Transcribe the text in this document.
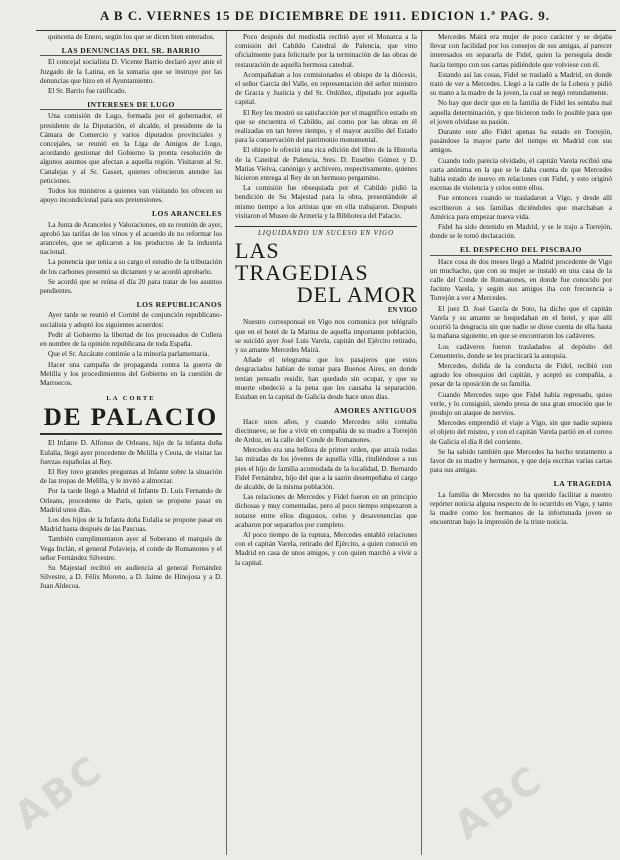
A B C. VIERNES 15 DE DICIEMBRE DE 1911. EDICION 1.ª PAG. 9.

quincena de Enero, según los que se dicen bien enterados.

LAS DENUNCIAS DEL SR. BARRIO

El concejal socialista D. Vicente Barrio declaró ayer ante el Juzgado de la Latina, en la sumaria que se instruye por las denuncias que hizo en el Ayuntamiento.

El Sr. Barrio fue ratificado.

INTERESES DE LUGO

Una comisión de Lugo, formada por el gobernador, el presidente de la Diputación, el alcalde, el presidente de la Cámara de Comercio y varios diputados provinciales y concejales, se reunió en la Liga de Amigos de Lugo, acordando gestionar del Gobierno la pronta resolución de algunos asuntos que afectan a aquella región. Visitaron al Sr. Canalejas y al Sr. Gasset, quienes ofrecieron atender las peticiones.

Todos los ministros a quienes van visitando les ofrecen su apoyo incondicional para sus pretensiones.

LOS ARANCELES

La Junta de Aranceles y Valoraciones, en su reunión de ayer, aprobó las tarifas de los vinos y el acuerdo de no reformar los aranceles, que se aplicaron a los productos de la industria nacional.

La ponencia que tenía a su cargo el estudio de la tributación de los carbones presentó su dictamen y se acordó aprobarlo.

Se acordó que se reúna el día 20 para tratar de los asuntos pendientes.

LOS REPUBLICANOS

Ayer tarde se reunió el Comité de conjunción republicano-socialista y adoptó los siguientes acuerdos:

Pedir al Gobierno la libertad de los procesados de Cullera en nombre de la opinión republicana de toda España.

Que el Sr. Azcárate continúe a la minoría parlamentaria.

Hacer una campaña de propaganda contra la guerra de Melilla y los procedimientos del Gobierno en la cuestión de Marruecos.

LA CORTE
DE PALACIO

El Infante D. Alfonso de Orleans, hijo de la infanta doña Eulalia, llegó ayer procedente de Melilla y Ceuta, de visitar las fuerzas españolas al Rey.

El Rey tuvo grandes preguntas al Infante sobre la situación de las tropas de Melilla, y le invitó a almorzar.

Por la tarde llegó a Madrid el Infante D. Luis Fernando de Orleans, procedente de París, quien se propone pasar en Madrid unos días.

Los dos hijos de la Infanta doña Eulalia se propone pasar en Madrid hasta después de las Pascuas.

También cumplimentaron ayer al Soberano el marqués de Vega Inclán, el general Polavieja, el conde de Romanones y el señor Fernández Silvestre.

Su Majestad recibió en audiencia al general Fernández Silvestre, a D. Félix Moreno, a D. Jaime de Hinojosa y a D. Juan Aldecoa.

Poco después del mediodía recibió ayer el Monarca a la comisión del Cabildo Catedral de Palencia, que vino oficialmente para felicitarle por la terminación de las obras de restauración de aquella hermosa catedral.

Acompañaban a los comisionados el obispo de la diócesis, el señor García del Valle, en representación del señor ministro de Gracia y Justicia y del Sr. Ordóñez, diputado por aquella capital.

El Rey les mostró su satisfacción por el magnífico estado en que se encuentra el Cabildo, así como por las obras en él realizadas en tan breve tiempo, y el mayor auxilio del Estado para la conservación del patrimonio monumental.

El obispo le ofreció una rica edición del libro de la Historia de la Catedral de Palencia, Sres. D. Eusebio Gómez y D. Matías Vielva, canónigo y archivero, respectivamente, quienes hicieron entrega al Rey de un hermoso pergamino.

La comisión fue obsequiada por el Cabildo pidió la bendición de Su Majestad para la obra, presentándole al mismo tiempo a los artistas que en ella trabajaron. Después visitaron el Museo de Armería y la Biblioteca del Palacio.

LIQUIDANDO UN SUCESO EN VIGO
LAS TRAGEDIAS
DEL AMOR
EN VIGO

Nuestro corresponsal en Vigo nos comunica por telégrafo que en el hotel de la Marina de aquella importante población, se suicidó ayer José Luis Varela, capitán del Ejército retirado, y su amante Mercedes Mairá.

Añade el telegrama que los pasajeros que estos desgraciados habían de tomar para Buenos Aires, en donde tenían pensado residir, han quedado sin ocupar, y que su muerte obedeció a la pena que les causaba la separación. Estaban en la capital de Galicia desde hace unos días.

AMORES ANTIGUOS

Hace unos años, y cuando Mercedes sólo contaba diecinueve, se fue a vivir en compañía de su madre a Torrejón de Ardoz, en la calle del Conde de Romanones.

Mercedes era una belleza de primer orden, que atraía todas las miradas de los jóvenes de aquella villa, rindiéndose a sus pies el hijo de familia acomodada de la localidad, D. Bernardo Fidel Fernández, hijo del que a la sazón desempeñaba el cargo de alcalde, de la misma población.

Las relaciones de Mercedes y Fidel fueron en un principio dichosas y muy comentadas, pero al poco tiempo empezaron a notarse entre ellos disgustos, celos y desavenencias que acabaron por separarlos por completo.

Al poco tiempo de la ruptura, Mercedes entabló relaciones con el capitán Varela, retirado del Ejército, a quien conoció en Madrid en casa de unos amigos, y con quien marchó a vivir a la capital.

Mercedes Mairá era mujer de poco carácter y se dejaba llevar con facilidad por los consejos de sus amigas, al parecer interesados en separarla de Fidel, quien la perseguía desde hacía tiempo con sus cartas pidiéndole que volviese con él.

Estando así las cosas, Fidel se trasladó a Madrid, en donde trató de ver a Mercedes. Llegó a la calle de la Lobera y pidió su mano a la madre de la joven, la cual se negó rotundamente.

No hay que decir que en la familia de Fidel les sentaba mal aquella determinación, y que hicieron todo lo posible para que el joven olvidase su pasión.

Durante este año Fidel apenas ha estado en Torrejón, pasándose la mayor parte del tiempo en Madrid con sus amigos.

Cuando todo parecía olvidado, el capitán Varela recibió una carta anónima en la que se le daba cuenta de que Mercedes había estado de nuevo en relaciones con Fidel, y esto originó escenas de violencia y celos entre ellos.

Fue entonces cuando se trasladaron a Vigo, y desde allí escribieron a sus familias diciéndoles que marchaban a América para empezar nueva vida.

Fidel ha sido detenido en Madrid, y se le trajo a Torrejón, donde se le tomó declaración.

EL DESPECHO DEL PISCBAJO

Hace cosa de dos meses llegó a Madrid procedente de Vigo un muchacho, que con su mujer se instaló en una casa de la calle del Conde de Romanones, en donde fue conocido por Jacinto Varela, y según sus amigos iba con frecuencia a Torrejón a ver a Mercedes.

El juez D. José García de Soto, ha dicho que el capitán Varela y su amante se hospedaban en el hotel, y que allí ocurrió la desgracia sin que nadie se diese cuenta de ella hasta la mañana siguiente, en que se encontraron los cadáveres.

Los cadáveres fueron trasladados al depósito del Cementerio, donde se les practicará la autopsia.

Mercedes, dolida de la conducta de Fidel, recibió con agrado los obsequios del capitán, y aceptó su compañía, a pesar de la oposición de su familia.

Cuando Mercedes supo que Fidel había regresado, quiso verle, y lo consiguió, siendo presa de una gran emoción que le produjo un ataque de nervios.

Mercedes emprendió el viaje a Vigo, sin que nadie supiera el objeto del mismo, y con el capitán Varela partió en el correo de Galicia el día 8 del corriente.

Se ha sabido también que Mercedes ha hecho testamento a favor de su madre y hermanos, y que deja escritas varias cartas para sus amigas.

LA TRAGEDIA

La familia de Mercedes no ha querido facilitar a nuestro repórter noticia alguna respecto de lo ocurrido en Vigo, y tanto la madre como los hermanos de la infortunada joven se encuentran bajo la impresión de la triste noticia.

ABC	ABC
